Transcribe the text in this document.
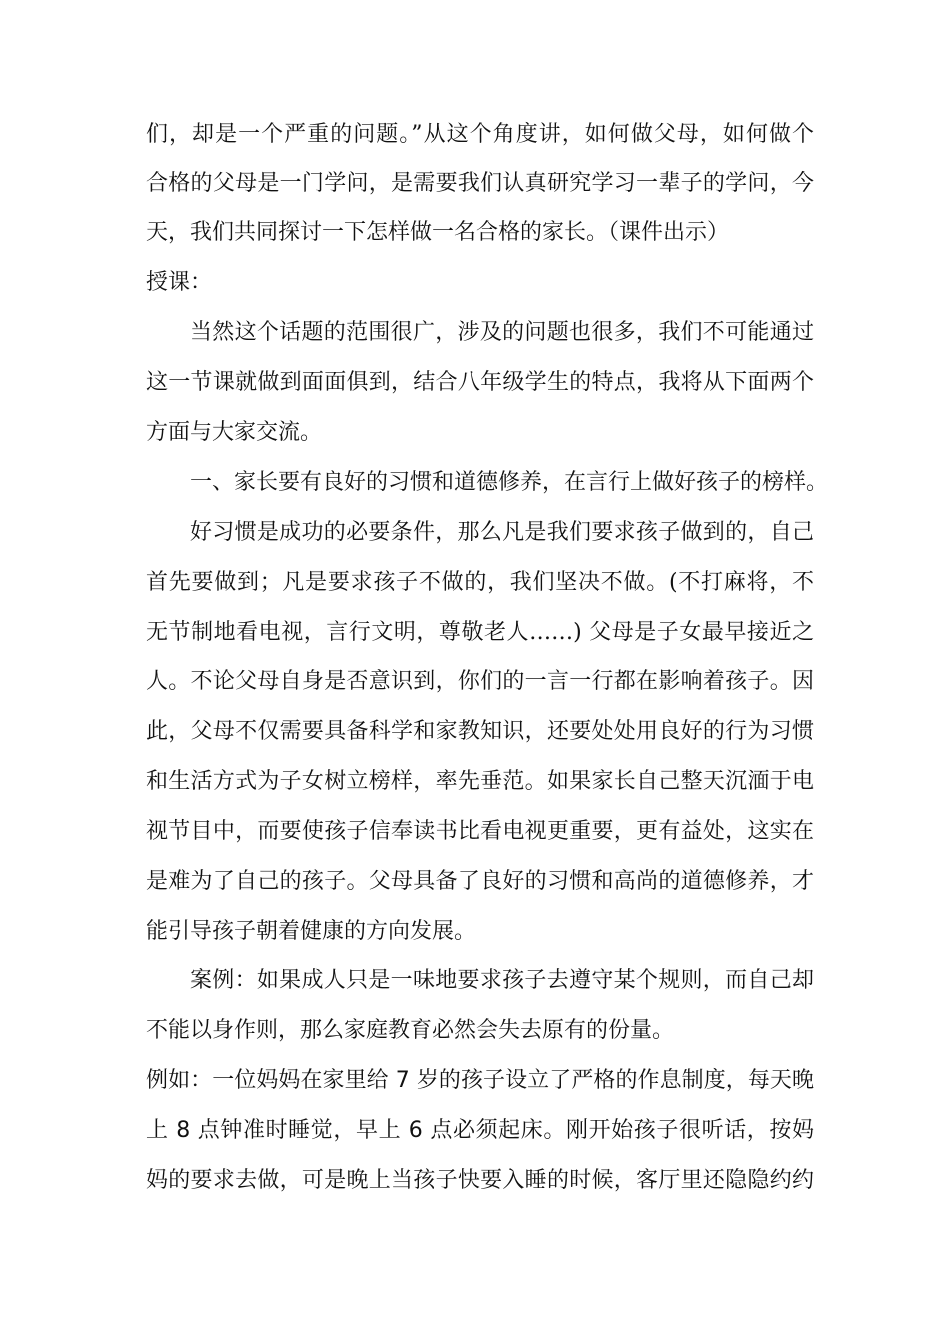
们，却是一个严重的问题。”从这个角度讲，如何做父母，如何做个
合格的父母是一门学问，是需要我们认真研究学习一辈子的学问，今
天，我们共同探讨一下怎样做一名合格的家长。（课件出示）
授课：
当然这个话题的范围很广，涉及的问题也很多，我们不可能通过
这一节课就做到面面俱到，结合八年级学生的特点，我将从下面两个
方面与大家交流。
一、家长要有良好的习惯和道德修养，在言行上做好孩子的榜样。
好习惯是成功的必要条件，那么凡是我们要求孩子做到的，自己
首先要做到；凡是要求孩子不做的，我们坚决不做。(不打麻将，不
无节制地看电视，言行文明，尊敬老人……) 父母是子女最早接近之
人。不论父母自身是否意识到，你们的一言一行都在影响着孩子。因
此，父母不仅需要具备科学和家教知识，还要处处用良好的行为习惯
和生活方式为子女树立榜样，率先垂范。如果家长自己整天沉湎于电
视节目中，而要使孩子信奉读书比看电视更重要，更有益处，这实在
是难为了自己的孩子。父母具备了良好的习惯和高尚的道德修养，才
能引导孩子朝着健康的方向发展。
案例：如果成人只是一味地要求孩子去遵守某个规则，而自己却
不能以身作则，那么家庭教育必然会失去原有的份量。
例如：一位妈妈在家里给 7 岁的孩子设立了严格的作息制度，每天晚
上 8 点钟准时睡觉，早上 6 点必须起床。刚开始孩子很听话，按妈
妈的要求去做，可是晚上当孩子快要入睡的时候，客厅里还隐隐约约
